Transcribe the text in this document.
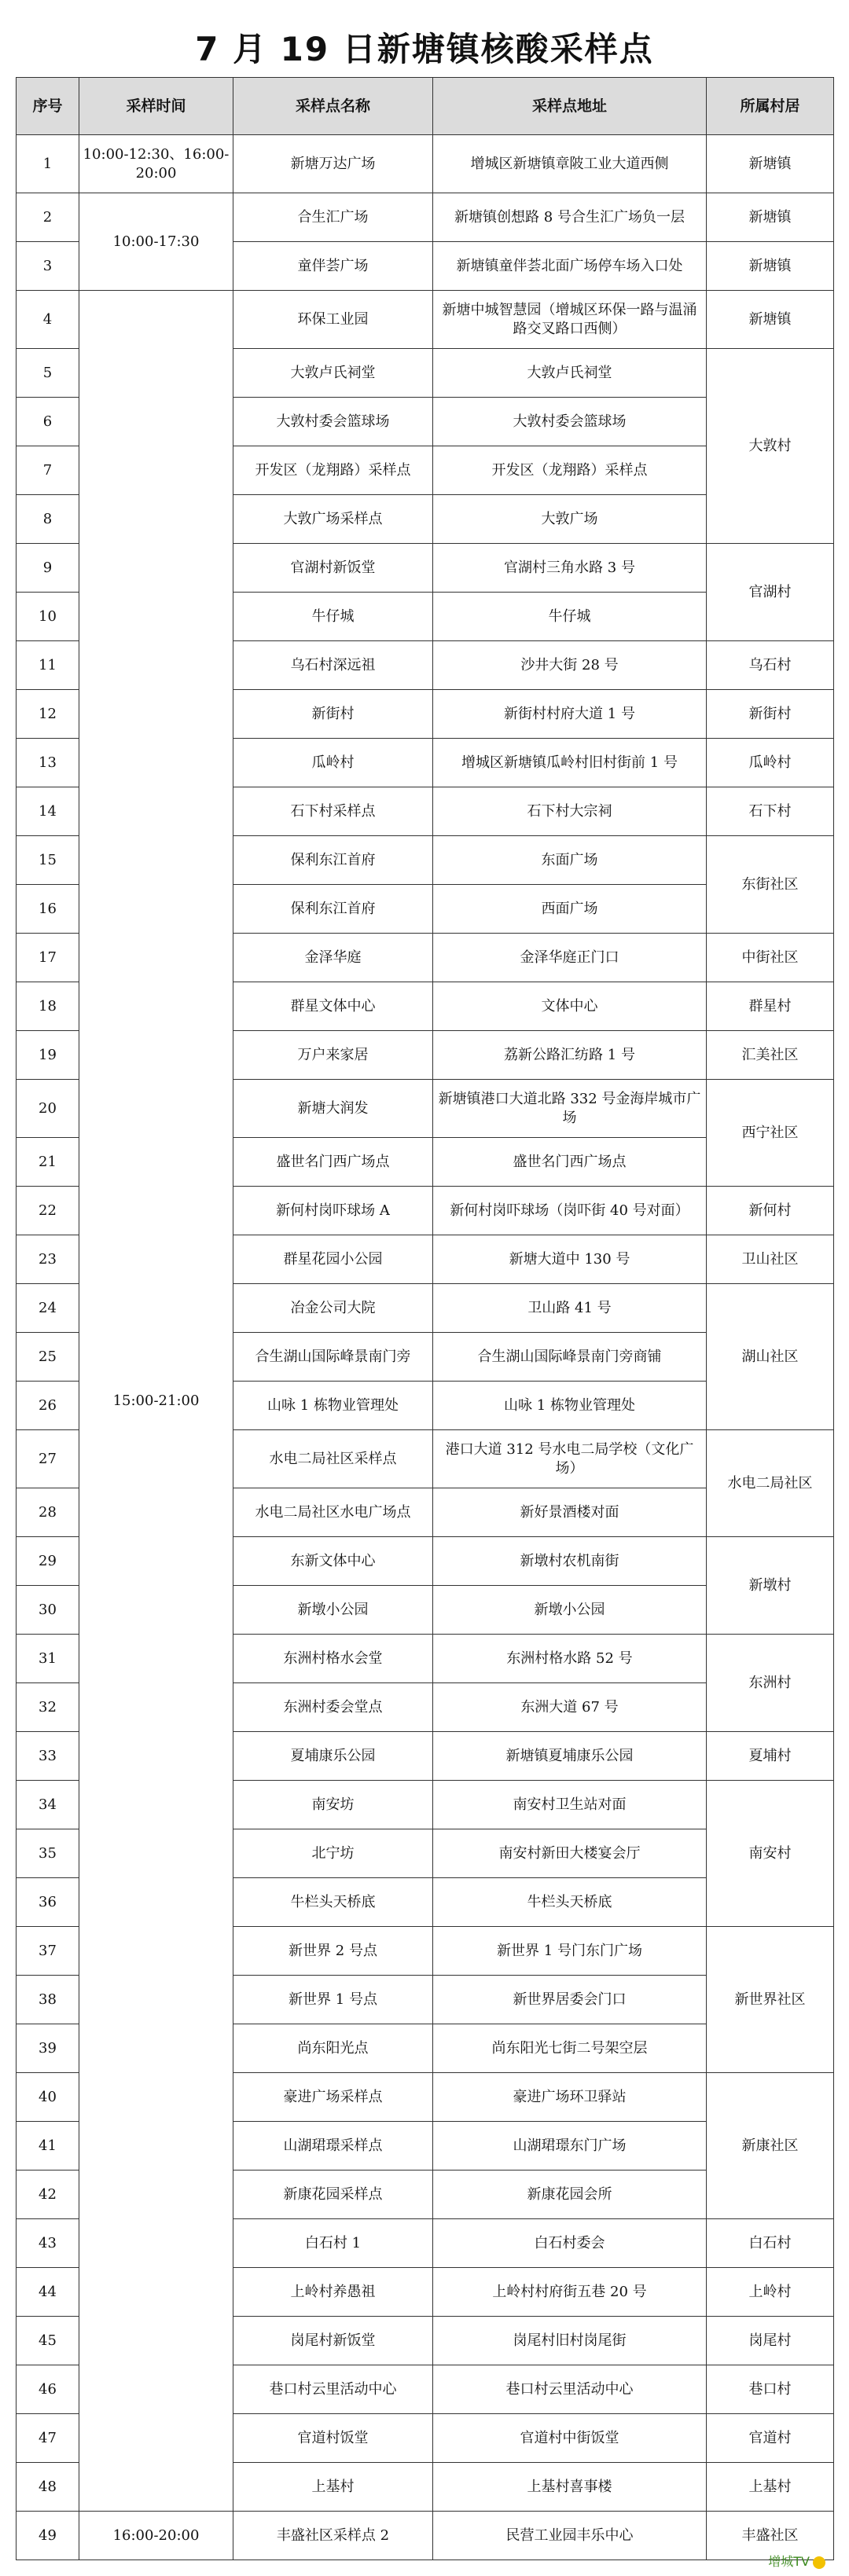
7 月 19 日新塘镇核酸采样点
序号	采样时间	采样点名称	采样点地址	所属村居
1	10:00-12:30、16:00-20:00	新塘万达广场	增城区新塘镇章陂工业大道西侧	新塘镇
2	10:00-17:30	合生汇广场	新塘镇创想路 8 号合生汇广场负一层	新塘镇
3		童伴荟广场	新塘镇童伴荟北面广场停车场入口处	新塘镇
4	15:00-21:00	环保工业园	新塘中城智慧园（增城区环保一路与温涌路交叉路口西侧）	新塘镇
5		大敦卢氏祠堂	大敦卢氏祠堂	大敦村
6		大敦村委会篮球场	大敦村委会篮球场	
7		开发区（龙翔路）采样点	开发区（龙翔路）采样点	
8		大敦广场采样点	大敦广场	
9		官湖村新饭堂	官湖村三角水路 3 号	官湖村
10		牛仔城	牛仔城	
11		乌石村深远祖	沙井大街 28 号	乌石村
12		新街村	新街村村府大道 1 号	新街村
13		瓜岭村	增城区新塘镇瓜岭村旧村街前 1 号	瓜岭村
14		石下村采样点	石下村大宗祠	石下村
15		保利东江首府	东面广场	东街社区
16		保利东江首府	西面广场	
17		金泽华庭	金泽华庭正门口	中街社区
18		群星文体中心	文体中心	群星村
19		万户来家居	荔新公路汇纺路 1 号	汇美社区
20		新塘大润发	新塘镇港口大道北路 332 号金海岸城市广场	西宁社区
21		盛世名门西广场点	盛世名门西广场点	
22		新何村岗吓球场 A	新何村岗吓球场（岗吓街 40 号对面）	新何村
23		群星花园小公园	新塘大道中 130 号	卫山社区
24		冶金公司大院	卫山路 41 号	湖山社区
25		合生湖山国际峰景南门旁	合生湖山国际峰景南门旁商铺	
26		山咏 1 栋物业管理处	山咏 1 栋物业管理处	
27		水电二局社区采样点	港口大道 312 号水电二局学校（文化广场）	水电二局社区
28		水电二局社区水电广场点	新好景酒楼对面	
29		东新文体中心	新墩村农机南街	新墩村
30		新墩小公园	新墩小公园	
31		东洲村格水会堂	东洲村格水路 52 号	东洲村
32		东洲村委会堂点	东洲大道 67 号	
33		夏埔康乐公园	新塘镇夏埔康乐公园	夏埔村
34		南安坊	南安村卫生站对面	南安村
35		北宁坊	南安村新田大楼宴会厅	
36		牛栏头天桥底	牛栏头天桥底	
37		新世界 2 号点	新世界 1 号门东门广场	新世界社区
38		新世界 1 号点	新世界居委会门口	
39		尚东阳光点	尚东阳光七街二号架空层	
40		豪进广场采样点	豪进广场环卫驿站	新康社区
41		山湖珺璟采样点	山湖珺璟东门广场	
42		新康花园采样点	新康花园会所	
43		白石村 1	白石村委会	白石村
44		上岭村养愚祖	上岭村村府街五巷 20 号	上岭村
45		岗尾村新饭堂	岗尾村旧村岗尾街	岗尾村
46		巷口村云里活动中心	巷口村云里活动中心	巷口村
47		官道村饭堂	官道村中街饭堂	官道村
48		上基村	上基村喜事楼	上基村
49	16:00-20:00	丰盛社区采样点 2	民营工业园丰乐中心	丰盛社区
增城TV
